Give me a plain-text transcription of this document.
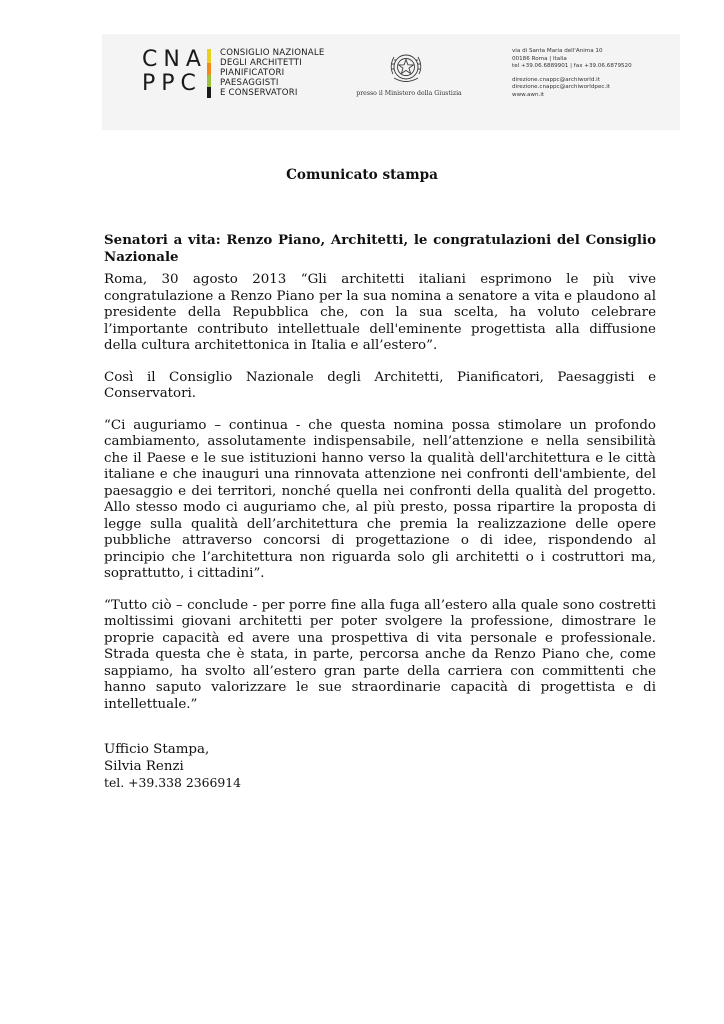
CNA
PPC
CONSIGLIO NAZIONALE
DEGLI ARCHITETTI
PIANIFICATORI
PAESAGGISTI
E CONSERVATORI	presso il Ministero della Giustizia
via di Santa Maria dell'Anima 10
00186 Roma | Italia
tel +39.06.6889901 | fax +39.06.6879520
direzione.cnappc@archiworld.it
direzione.cnappc@archiworldpec.it
www.awn.it
Comunicato stampa

Senatori a vita: Renzo Piano, Architetti, le congratulazioni del Consiglio Nazionale

Roma, 30 agosto 2013 “Gli architetti italiani esprimono le più vive congratulazione a Renzo Piano per la sua nomina a senatore a vita e plaudono al presidente della Repubblica che, con la sua scelta, ha voluto celebrare l’importante contributo intellettuale dell'eminente progettista alla diffusione della cultura architettonica in Italia e all’estero”.

Così il Consiglio Nazionale degli Architetti, Pianificatori, Paesaggisti e Conservatori.

“Ci auguriamo – continua - che questa nomina possa stimolare un profondo cambiamento, assolutamente indispensabile, nell’attenzione e nella sensibilità che il Paese e le sue istituzioni hanno verso la qualità dell'architettura e le città italiane e che inauguri una rinnovata attenzione nei confronti dell'ambiente, del paesaggio e dei territori, nonché quella nei confronti della qualità del progetto. Allo stesso modo ci auguriamo che, al più presto, possa ripartire la proposta di legge sulla qualità dell’architettura che premia la realizzazione delle opere pubbliche attraverso concorsi di progettazione o di idee, rispondendo al principio che l’architettura non riguarda solo gli architetti o i costruttori ma, soprattutto, i cittadini”.

“Tutto ciò – conclude - per porre fine alla fuga all’estero alla quale sono costretti moltissimi giovani architetti per poter svolgere la professione, dimostrare le proprie capacità ed avere una prospettiva di vita personale e professionale. Strada questa che è stata, in parte, percorsa anche da Renzo Piano che, come sappiamo, ha svolto all’estero gran parte della carriera con committenti che hanno saputo valorizzare le sue straordinarie capacità di progettista e di intellettuale.”

Ufficio Stampa,
Silvia Renzi
tel. +39.338 2366914
